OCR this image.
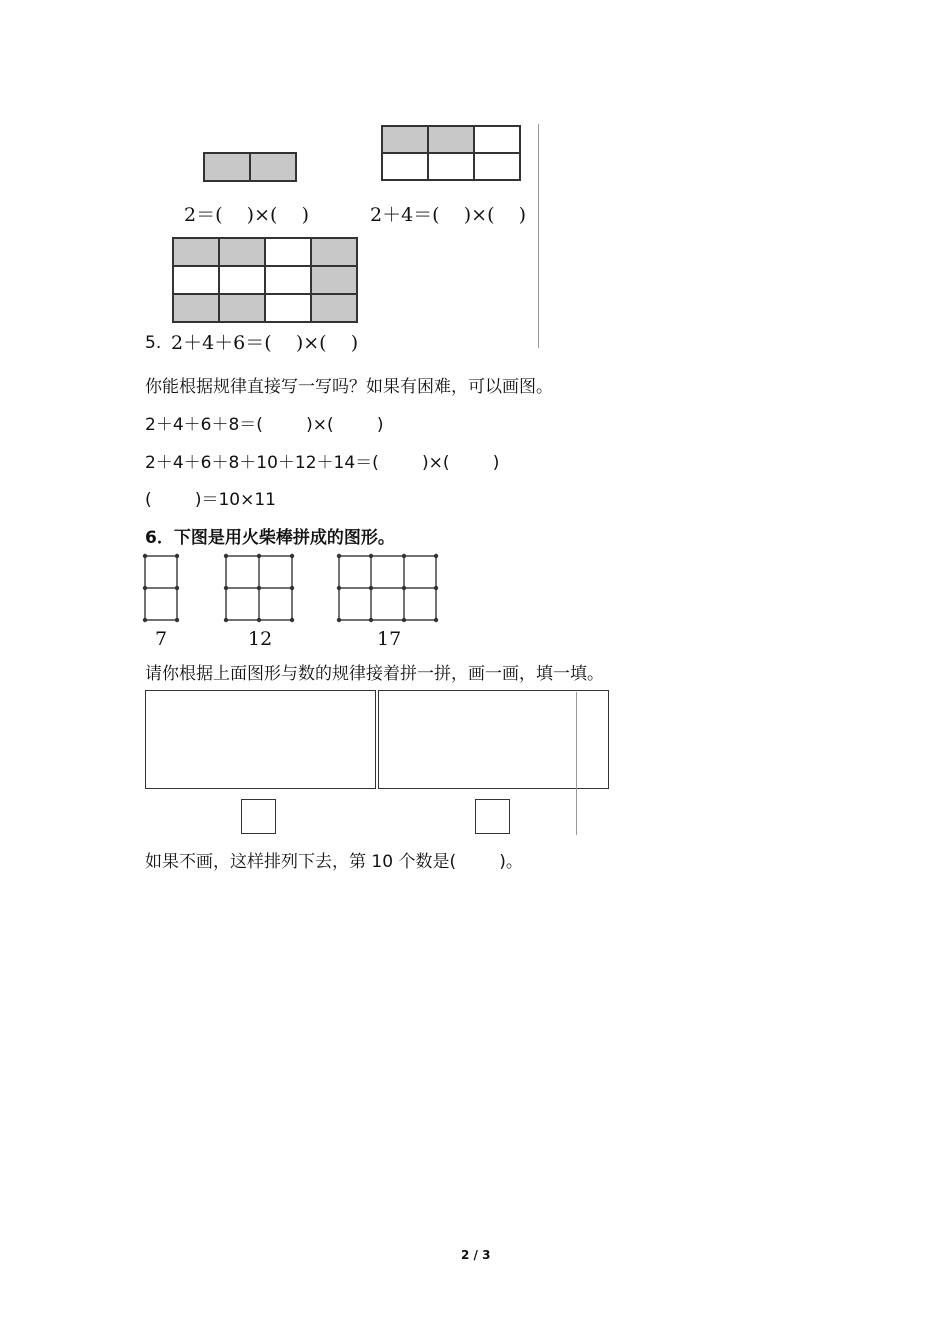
2＝(    )×(    )	2＋4＝(    )×(    )
5. 2＋4＋6＝(    )×(    )
你能根据规律直接写一写吗？如果有困难，可以画图。
2＋4＋6＋8＝(        )×(        )
2＋4＋6＋8＋10＋12＋14＝(        )×(        )
(        )＝10×11
6．下图是用火柴棒拼成的图形。
7	12	17
请你根据上面图形与数的规律接着拼一拼，画一画，填一填。
如果不画，这样排列下去，第 10 个数是(        )。
2 / 3
